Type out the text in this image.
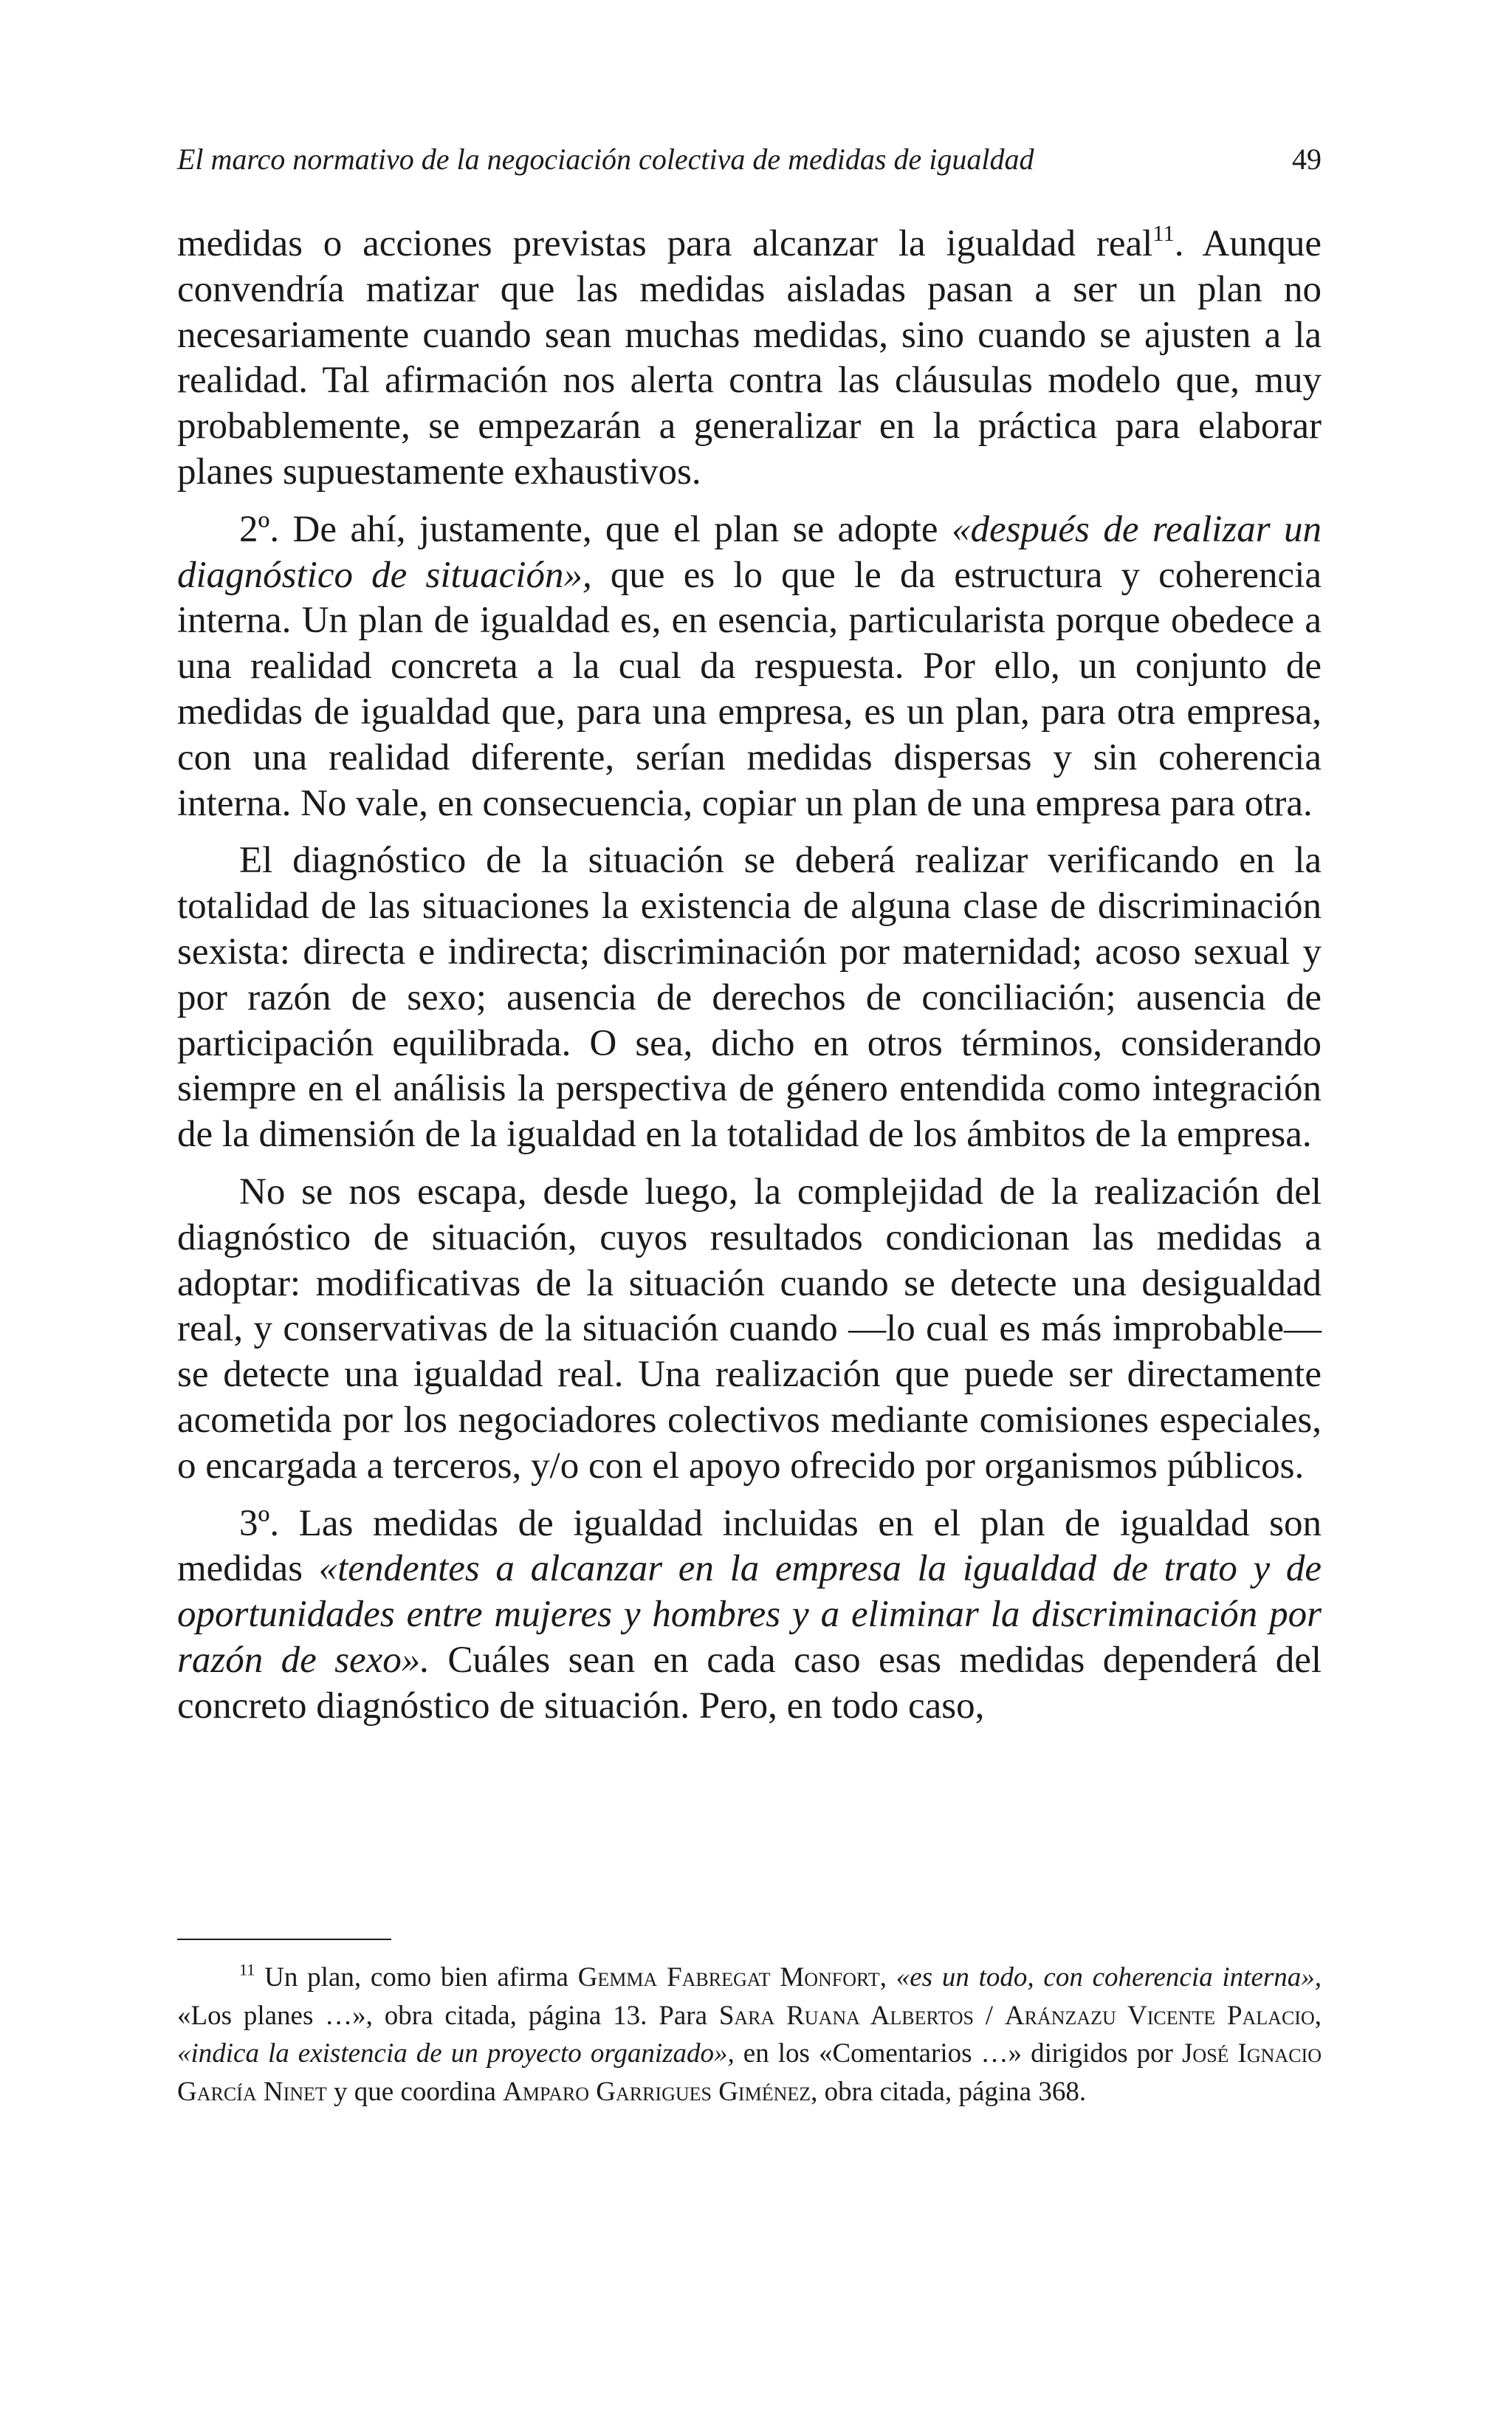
El marco normativo de la negociación colectiva de medidas de igualdad	49

medidas o acciones previstas para alcanzar la igualdad real$^{11}$. Aunque convendría matizar que las medidas aisladas pasan a ser un plan no necesariamente cuando sean muchas medidas, sino cuando se ajusten a la realidad. Tal afirmación nos alerta contra las cláusulas modelo que, muy probablemente, se empezarán a generalizar en la práctica para elaborar planes supuestamente exhaustivos.

2º. De ahí, justamente, que el plan se adopte «después de realizar un diagnóstico de situación», que es lo que le da estructura y coherencia interna. Un plan de igualdad es, en esencia, particularista porque obedece a una realidad concreta a la cual da respuesta. Por ello, un conjunto de medidas de igualdad que, para una empresa, es un plan, para otra empresa, con una realidad diferente, serían medidas dispersas y sin coherencia interna. No vale, en consecuencia, copiar un plan de una empresa para otra.

El diagnóstico de la situación se deberá realizar verificando en la totalidad de las situaciones la existencia de alguna clase de discriminación sexista: directa e indirecta; discriminación por maternidad; acoso sexual y por razón de sexo; ausencia de derechos de conciliación; ausencia de participación equilibrada. O sea, dicho en otros términos, considerando siempre en el análisis la perspectiva de género entendida como integración de la dimensión de la igualdad en la totalidad de los ámbitos de la empresa.

No se nos escapa, desde luego, la complejidad de la realización del diagnóstico de situación, cuyos resultados condicionan las medidas a adoptar: modificativas de la situación cuando se detecte una desigualdad real, y conservativas de la situación cuando —lo cual es más improbable— se detecte una igualdad real. Una realización que puede ser directamente acometida por los negociadores colectivos mediante comisiones especiales, o encargada a terceros, y/o con el apoyo ofrecido por organismos públicos.

3º. Las medidas de igualdad incluidas en el plan de igualdad son medidas «tendentes a alcanzar en la empresa la igualdad de trato y de oportunidades entre mujeres y hombres y a eliminar la discriminación por razón de sexo». Cuáles sean en cada caso esas medidas dependerá del concreto diagnóstico de situación. Pero, en todo caso,

$^{11}$ Un plan, como bien afirma Gemma Fabregat Monfort, «es un todo, con coherencia interna», «Los planes …», obra citada, página 13. Para Sara Ruana Albertos / Aránzazu Vicente Palacio, «indica la existencia de un proyecto organizado», en los «Comentarios …» dirigidos por José Ignacio García Ninet y que coordina Amparo Garrigues Giménez, obra citada, página 368.
